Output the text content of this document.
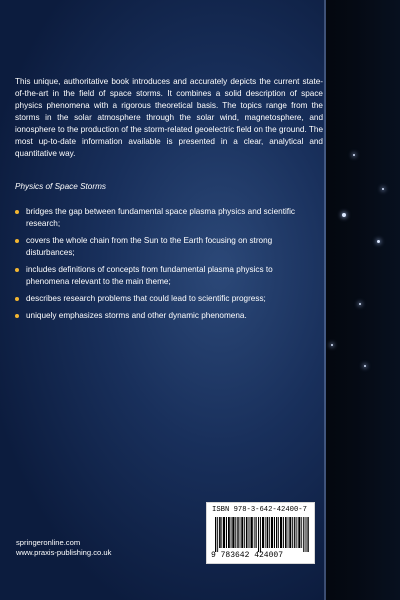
This unique, authoritative book introduces and accurately depicts the current state-of-the-art in the field of space storms. It combines a solid description of space physics phenomena with a rigorous theoretical basis. The topics range from the storms in the solar atmosphere through the solar wind, magnetosphere, and ionosphere to the production of the storm-related geoelectric field on the ground. The most up-to-date information available is presented in a clear, analytical and quantitative way.

Physics of Space Storms

bridges the gap between fundamental space plasma physics and scientific research;
covers the whole chain from the Sun to the Earth focusing on strong disturbances;
includes definitions of concepts from fundamental plasma physics to phenomena relevant to the main theme;
describes research problems that could lead to scientific progress;
uniquely emphasizes storms and other dynamic phenomena.
springeronline.com
www.praxis-publishing.co.uk
ISBN 978-3-642-42400-7
9 783642 424007
